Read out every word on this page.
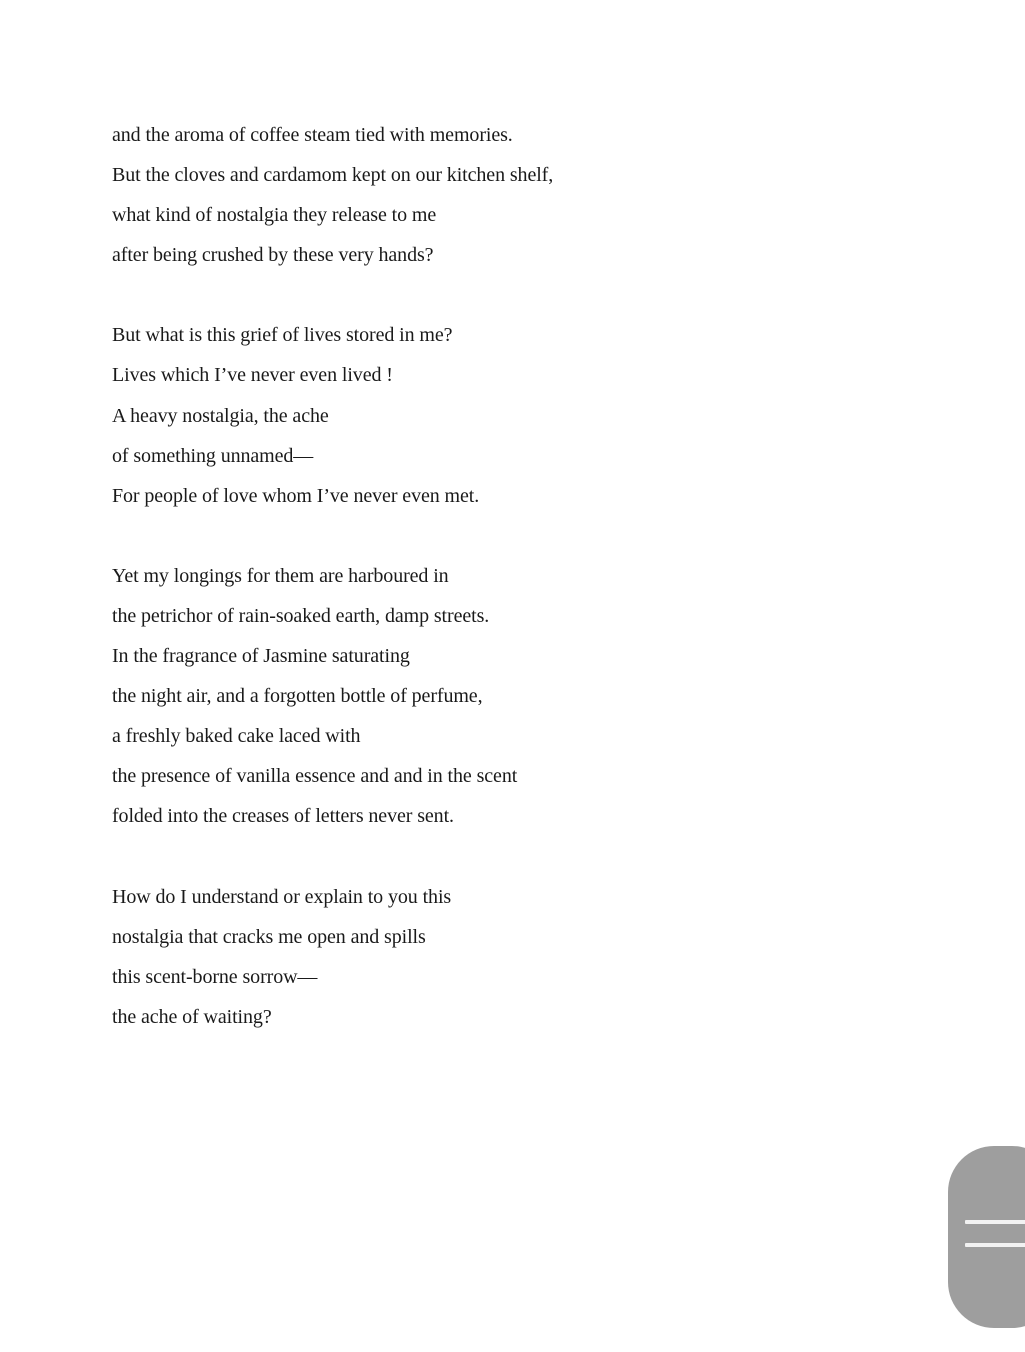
and the aroma of coffee steam tied with memories.
But the cloves and cardamom kept on our kitchen shelf,
what kind of nostalgia they release to me
after being crushed by these very hands?
But what is this grief of lives stored in me?
Lives which I’ve never even lived !
A heavy nostalgia, the ache
of something unnamed—
For people of love whom I’ve never even met.
Yet my longings for them are harboured in
the petrichor of rain-soaked earth, damp streets.
In the fragrance of Jasmine saturating
the night air, and a forgotten bottle of perfume,
a freshly baked cake laced with
the presence of vanilla essence and and in the scent
folded into the creases of letters never sent.
How do I understand or explain to you this
nostalgia that cracks me open and spills
this scent-borne sorrow—
the ache of waiting?
